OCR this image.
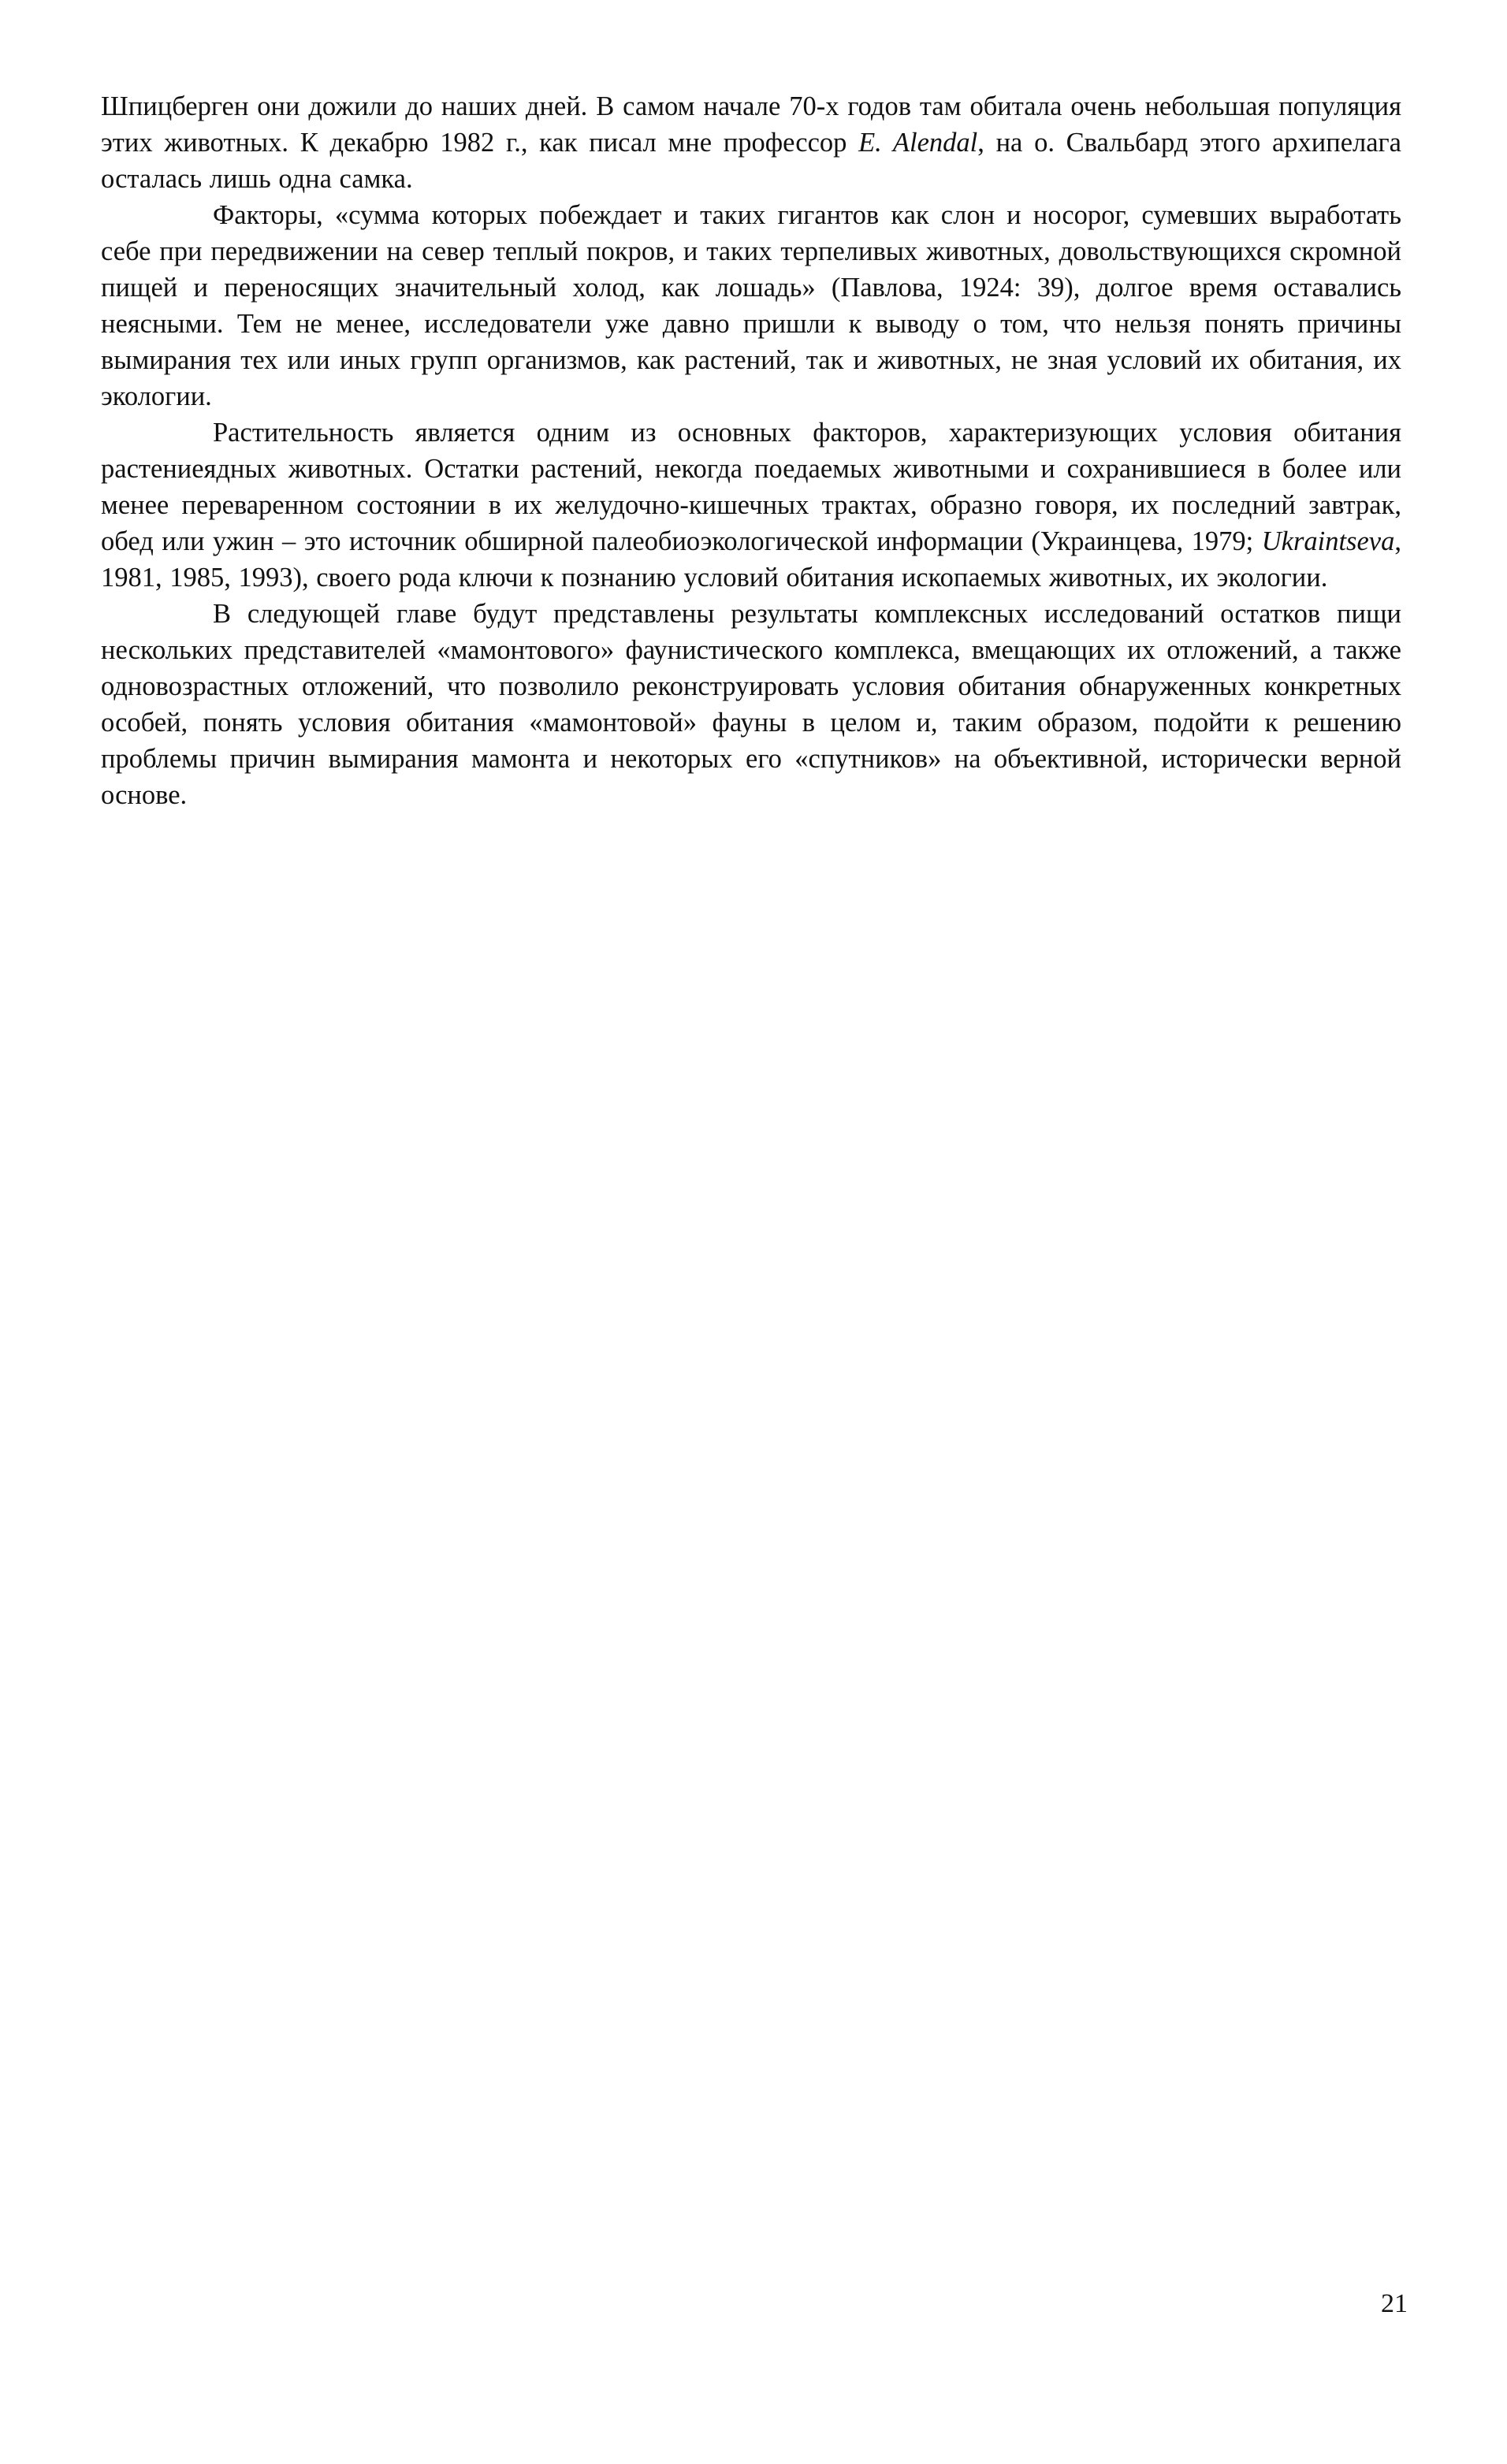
Шпицберген они дожили до наших дней. В самом начале 70-х годов там обитала очень небольшая популяция этих животных. К декабрю 1982 г., как писал мне профессор E. Alendal, на о. Свальбард этого архипелага осталась лишь одна самка.

Факторы, «сумма которых побеждает и таких гигантов как слон и носорог, сумевших выработать себе при передвижении на север теплый покров, и таких терпеливых животных, довольствующихся скромной пищей и переносящих значительный холод, как лошадь» (Павлова, 1924: 39), долгое время оставались неясными. Тем не менее, исследователи уже давно пришли к выводу о том, что нельзя понять причины вымирания тех или иных групп организмов, как растений, так и животных, не зная условий их обитания, их экологии.

Растительность является одним из основных факторов, характеризующих условия обитания растениеядных животных. Остатки растений, некогда поедаемых животными и сохранившиеся в более или менее переваренном состоянии в их желудочно-кишечных трактах, образно говоря, их последний завтрак, обед или ужин – это источник обширной палеобиоэкологической информации (Украинцева, 1979; Ukraintseva, 1981, 1985, 1993), своего рода ключи к познанию условий обитания ископаемых животных, их экологии.

В следующей главе будут представлены результаты комплексных исследований остатков пищи нескольких представителей «мамонтового» фаунистического комплекса, вмещающих их отложений, а также одновозрастных отложений, что позволило реконструировать условия обитания обнаруженных конкретных особей, понять условия обитания «мамонтовой» фауны в целом и, таким образом, подойти к решению проблемы причин вымирания мамонта и некоторых его «спутников» на объективной, исторически верной основе.

21
